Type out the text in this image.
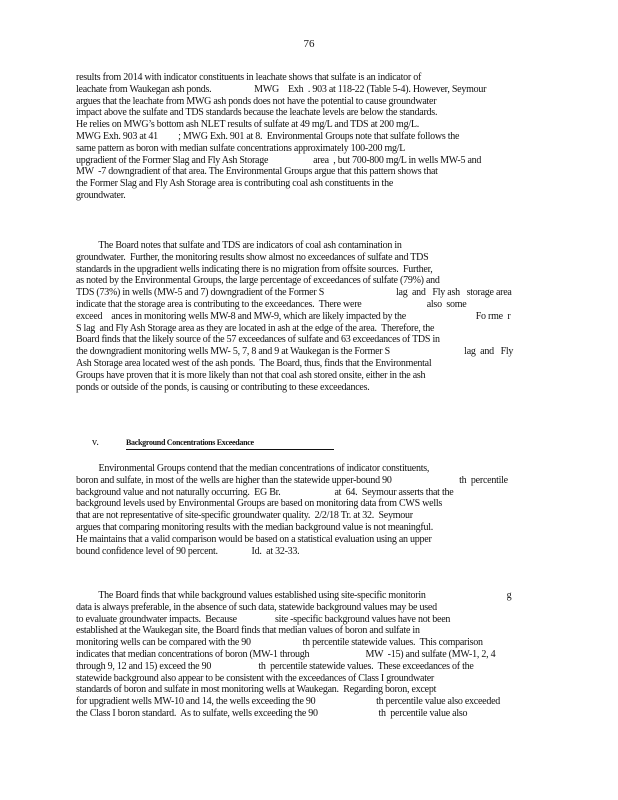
76
results from 2014 with indicator constituents in leachate shows that sulfate is an indicator of
leachate from Waukegan ash ponds.                   MWG    Exh  . 903 at 118-22 (Table 5-4). However, Seymour
argues that the leachate from MWG ash ponds does not have the potential to cause groundwater
impact above the sulfate and TDS standards because the leachate levels are below the standards.
He relies on MWG’s bottom ash NLET results of sulfate at 49 mg/L and TDS at 200 mg/L.
MWG Exh. 903 at 41         ; MWG Exh. 901 at 8.  Environmental Groups note that sulfate follows the
same pattern as boron with median sulfate concentrations approximately 100-200 mg/L
upgradient of the Former Slag and Fly Ash Storage                    area  , but 700-800 mg/L in wells MW-5 and
MW  -7 downgradient of that area. The Environmental Groups argue that this pattern shows that
the Former Slag and Fly Ash Storage area is contributing coal ash constituents in the
groundwater.
The Board notes that sulfate and TDS are indicators of coal ash contamination in
groundwater.  Further, the monitoring results show almost no exceedances of sulfate and TDS
standards in the upgradient wells indicating there is no migration from offsite sources.  Further,
as noted by the Environmental Groups, the large percentage of exceedances of sulfate (79%) and
TDS (73%) in wells (MW-5 and 7) downgradient of the Former S                                lag  and   Fly ash   storage area
indicate that the storage area is contributing to the exceedances.  There were                             also  some
exceed    ances in monitoring wells MW-8 and MW-9, which are likely impacted by the                               Fo rme  r
S lag  and Fly Ash Storage area as they are located in ash at the edge of the area.  Therefore, the
Board finds that the likely source of the 57 exceedances of sulfate and 63 exceedances of TDS in
the downgradient monitoring wells MW- 5, 7, 8 and 9 at Waukegan is the Former S                                 lag  and   Fly
Ash Storage area located west of the ash ponds.  The Board, thus, finds that the Environmental
Groups have proven that it is more likely than not that coal ash stored onsite, either in the ash
ponds or outside of the ponds, is causing or contributing to these exceedances.
v.	Background Concentrations Exceedance
Environmental Groups contend that the median concentrations of indicator constituents,
boron and sulfate, in most of the wells are higher than the statewide upper-bound 90                              th  percentile
background value and not naturally occurring.  EG Br.                        at  64.  Seymour asserts that the
background levels used by Environmental Groups are based on monitoring data from CWS wells
that are not representative of site-specific groundwater quality.  2/2/18 Tr. at 32.  Seymour
argues that comparing monitoring results with the median background value is not meaningful.
He maintains that a valid comparison would be based on a statistical evaluation using an upper
bound confidence level of 90 percent.               Id.  at 32-33.
The Board finds that while background values established using site-specific monitorin                                    g
data is always preferable, in the absence of such data, statewide background values may be used
to evaluate groundwater impacts.  Because                 site -specific background values have not been
established at the Waukegan site, the Board finds that median values of boron and sulfate in
monitoring wells can be compared with the 90                       th percentile statewide values.  This comparison
indicates that median concentrations of boron (MW-1 through                         MW  -15) and sulfate (MW-1, 2, 4
through 9, 12 and 15) exceed the 90                     th  percentile statewide values.  These exceedances of the
statewide background also appear to be consistent with the exceedances of Class I groundwater
standards of boron and sulfate in most monitoring wells at Waukegan.  Regarding boron, except
for upgradient wells MW-10 and 14, the wells exceeding the 90                           th percentile value also exceeded
the Class I boron standard.  As to sulfate, wells exceeding the 90                           th  percentile value also
